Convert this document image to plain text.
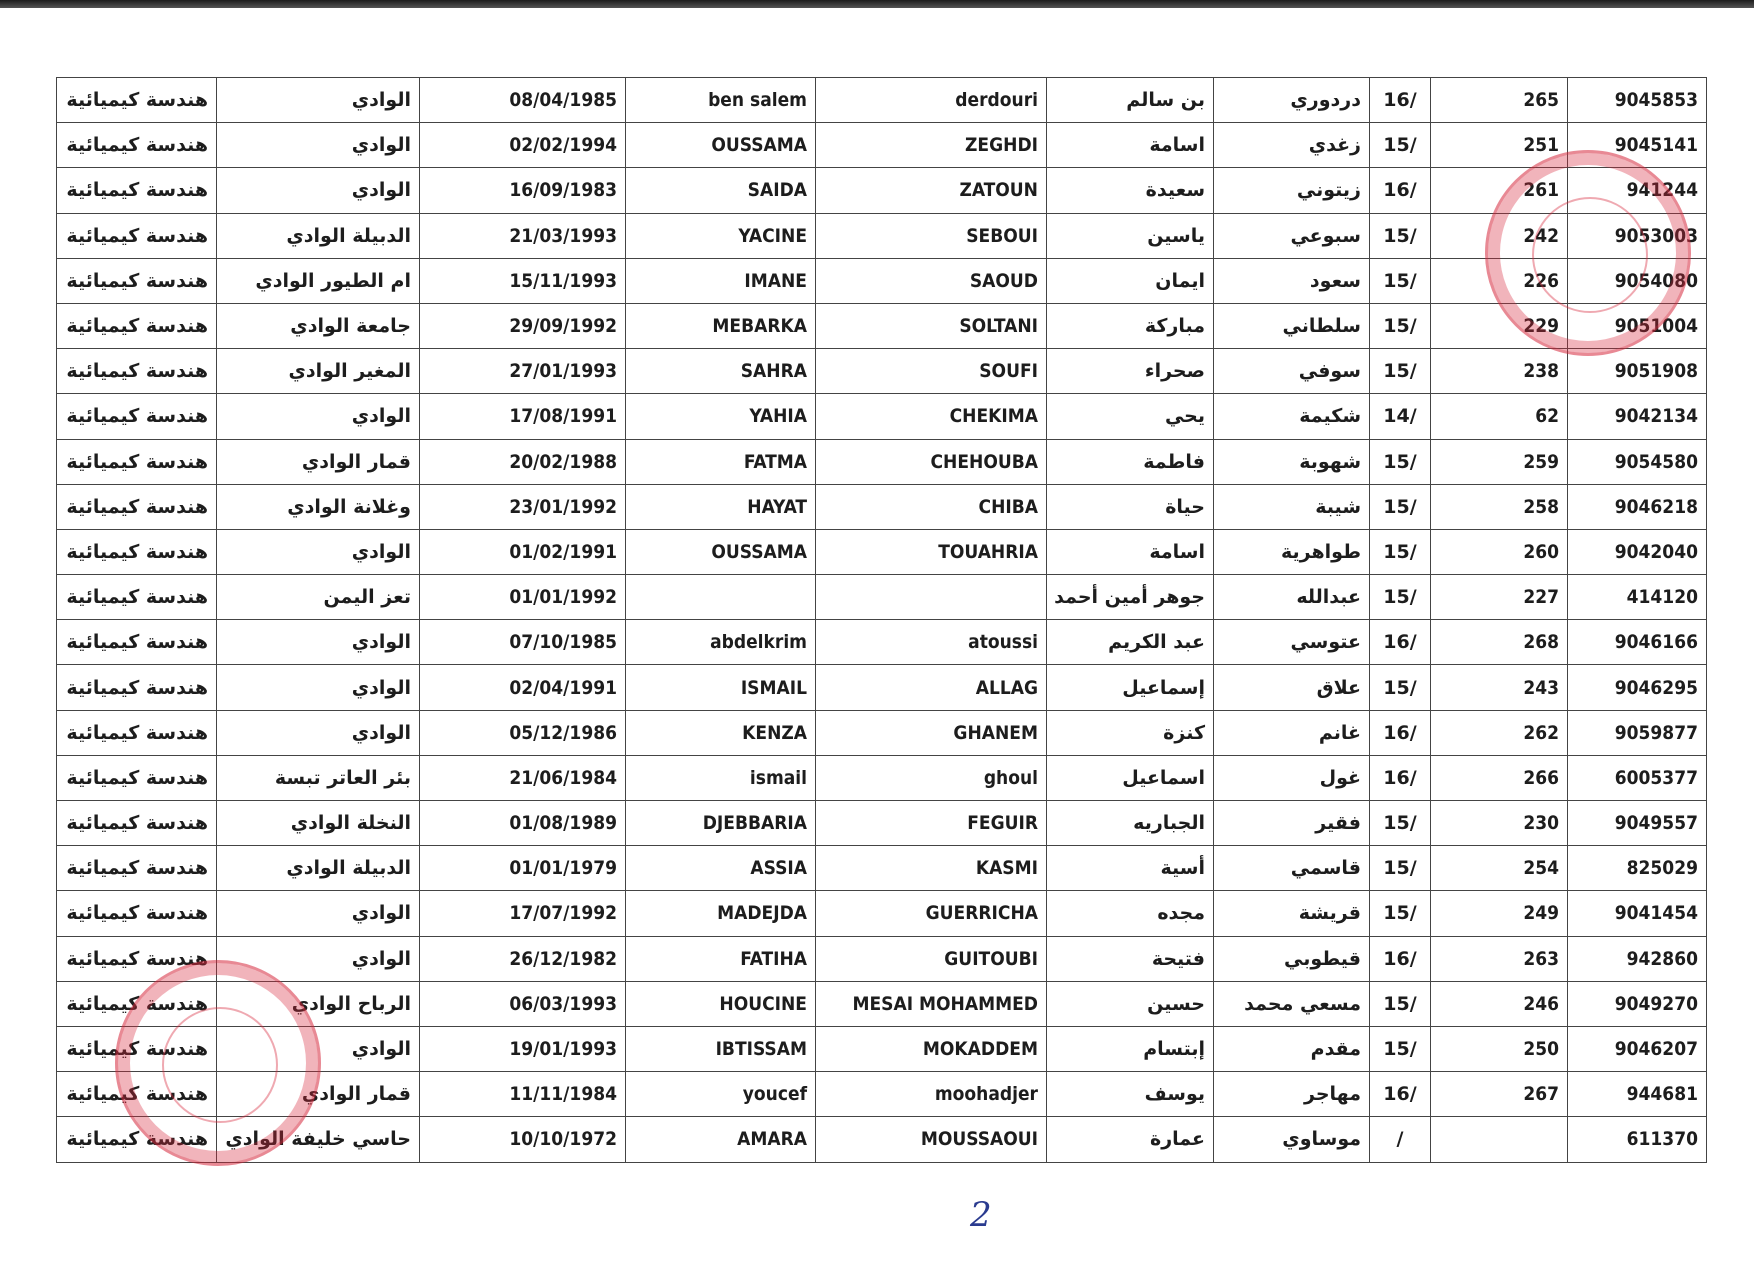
هندسة كيميائية	الوادي	08/04/1985	ben salem	derdouri	بن سالم	دردوري	16/	265	9045853
هندسة كيميائية	الوادي	02/02/1994	OUSSAMA	ZEGHDI	اسامة	زغدي	15/	251	9045141
هندسة كيميائية	الوادي	16/09/1983	SAIDA	ZATOUN	سعيدة	زيتوني	16/	261	941244
هندسة كيميائية	الدبيلة الوادي	21/03/1993	YACINE	SEBOUI	ياسين	سبوعي	15/	242	9053003
هندسة كيميائية	ام الطيور الوادي	15/11/1993	IMANE	SAOUD	ايمان	سعود	15/	226	9054080
هندسة كيميائية	جامعة الوادي	29/09/1992	MEBARKA	SOLTANI	مباركة	سلطاني	15/	229	9051004
هندسة كيميائية	المغير الوادي	27/01/1993	SAHRA	SOUFI	صحراء	سوفي	15/	238	9051908
هندسة كيميائية	الوادي	17/08/1991	YAHIA	CHEKIMA	يحي	شكيمة	14/	62	9042134
هندسة كيميائية	قمار الوادي	20/02/1988	FATMA	CHEHOUBA	فاطمة	شهوبة	15/	259	9054580
هندسة كيميائية	وغلانة الوادي	23/01/1992	HAYAT	CHIBA	حياة	شيبة	15/	258	9046218
هندسة كيميائية	الوادي	01/02/1991	OUSSAMA	TOUAHRIA	اسامة	طواهرية	15/	260	9042040
هندسة كيميائية	تعز اليمن	01/01/1992			جوهر أمين أحمد	عبدالله	15/	227	414120
هندسة كيميائية	الوادي	07/10/1985	abdelkrim	atoussi	عبد الكريم	عتوسي	16/	268	9046166
هندسة كيميائية	الوادي	02/04/1991	ISMAIL	ALLAG	إسماعيل	علاق	15/	243	9046295
هندسة كيميائية	الوادي	05/12/1986	KENZA	GHANEM	كنزة	غانم	16/	262	9059877
هندسة كيميائية	بئر العاتر تبسة	21/06/1984	ismail	ghoul	اسماعيل	غول	16/	266	6005377
هندسة كيميائية	النخلة الوادي	01/08/1989	DJEBBARIA	FEGUIR	الجباريه	فقير	15/	230	9049557
هندسة كيميائية	الدبيلة الوادي	01/01/1979	ASSIA	KASMI	أسية	قاسمي	15/	254	825029
هندسة كيميائية	الوادي	17/07/1992	MADEJDA	GUERRICHA	مجده	قريشة	15/	249	9041454
هندسة كيميائية	الوادي	26/12/1982	FATIHA	GUITOUBI	فتيحة	قيطوبي	16/	263	942860
هندسة كيميائية	الرباح الوادي	06/03/1993	HOUCINE	MESAI MOHAMMED	حسين	مسعي محمد	15/	246	9049270
هندسة كيميائية	الوادي	19/01/1993	IBTISSAM	MOKADDEM	إبتسام	مقدم	15/	250	9046207
هندسة كيميائية	قمار الوادي	11/11/1984	youcef	moohadjer	يوسف	مهاجر	16/	267	944681
هندسة كيميائية	حاسي خليفة الوادي	10/10/1972	AMARA	MOUSSAOUI	عمارة	موساوي	/		611370
2
